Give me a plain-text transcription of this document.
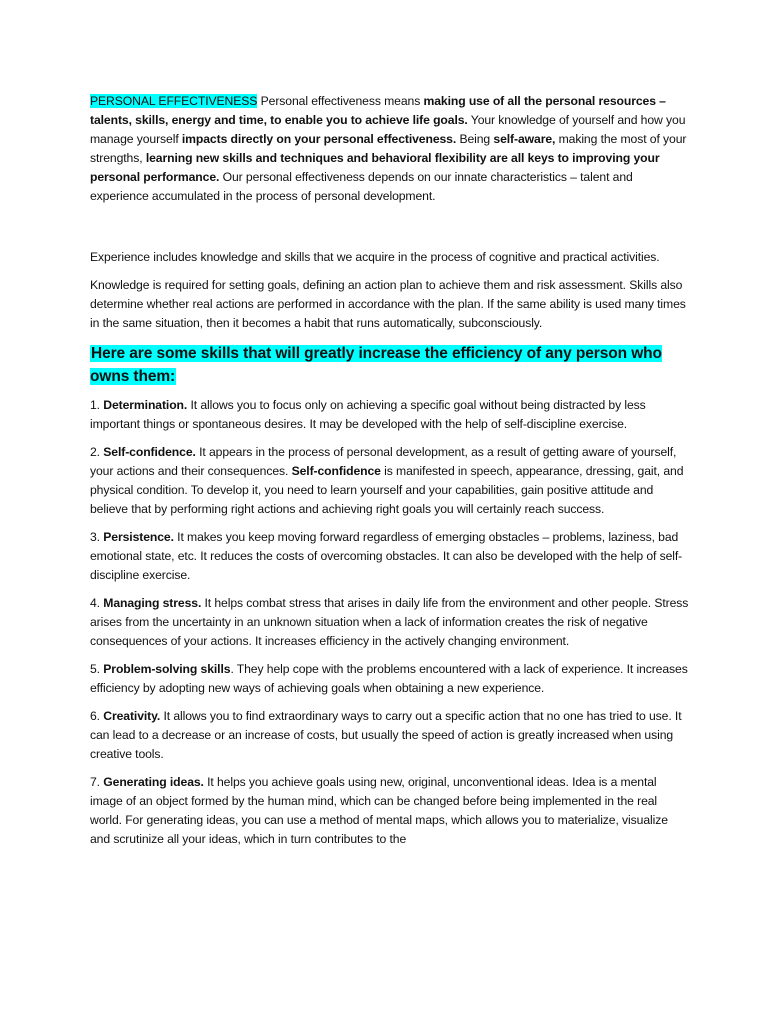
PERSONAL EFFECTIVENESS Personal effectiveness means making use of all the personal resources – talents, skills, energy and time, to enable you to achieve life goals. Your knowledge of yourself and how you manage yourself impacts directly on your personal effectiveness. Being self-aware, making the most of your strengths, learning new skills and techniques and behavioral flexibility are all keys to improving your personal performance. Our personal effectiveness depends on our innate characteristics – talent and experience accumulated in the process of personal development.

Experience includes knowledge and skills that we acquire in the process of cognitive and practical activities.

Knowledge is required for setting goals, defining an action plan to achieve them and risk assessment. Skills also determine whether real actions are performed in accordance with the plan. If the same ability is used many times in the same situation, then it becomes a habit that runs automatically, subconsciously.

Here are some skills that will greatly increase the efficiency of any person who owns them:

1. Determination. It allows you to focus only on achieving a specific goal without being distracted by less important things or spontaneous desires. It may be developed with the help of self-discipline exercise.

2. Self-confidence. It appears in the process of personal development, as a result of getting aware of yourself, your actions and their consequences. Self-confidence is manifested in speech, appearance, dressing, gait, and physical condition. To develop it, you need to learn yourself and your capabilities, gain positive attitude and believe that by performing right actions and achieving right goals you will certainly reach success.

3. Persistence. It makes you keep moving forward regardless of emerging obstacles – problems, laziness, bad emotional state, etc. It reduces the costs of overcoming obstacles. It can also be developed with the help of self-discipline exercise.

4. Managing stress. It helps combat stress that arises in daily life from the environment and other people. Stress arises from the uncertainty in an unknown situation when a lack of information creates the risk of negative consequences of your actions. It increases efficiency in the actively changing environment.

5. Problem-solving skills. They help cope with the problems encountered with a lack of experience. It increases efficiency by adopting new ways of achieving goals when obtaining a new experience.

6. Creativity. It allows you to find extraordinary ways to carry out a specific action that no one has tried to use. It can lead to a decrease or an increase of costs, but usually the speed of action is greatly increased when using creative tools.

7. Generating ideas. It helps you achieve goals using new, original, unconventional ideas. Idea is a mental image of an object formed by the human mind, which can be changed before being implemented in the real world. For generating ideas, you can use a method of mental maps, which allows you to materialize, visualize and scrutinize all your ideas, which in turn contributes to the
